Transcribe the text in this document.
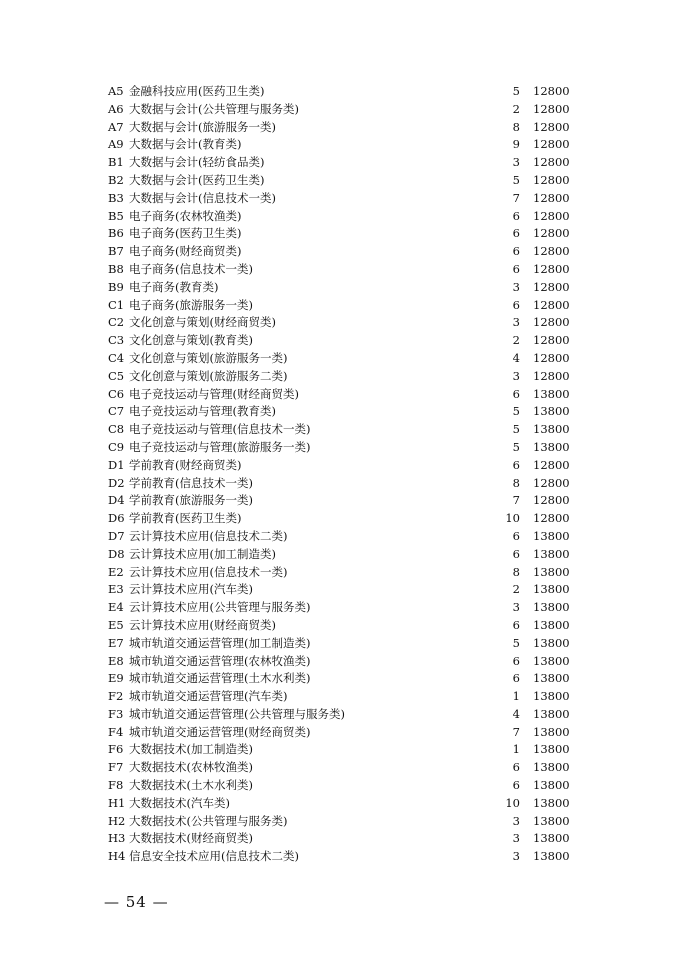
A5 金融科技应用(医药卫生类)	5 12800
A6 大数据与会计(公共管理与服务类)	2 12800
A7 大数据与会计(旅游服务一类)	8 12800
A9 大数据与会计(教育类)	9 12800
B1 大数据与会计(轻纺食品类)	3 12800
B2 大数据与会计(医药卫生类)	5 12800
B3 大数据与会计(信息技术一类)	7 12800
B5 电子商务(农林牧渔类)	6 12800
B6 电子商务(医药卫生类)	6 12800
B7 电子商务(财经商贸类)	6 12800
B8 电子商务(信息技术一类)	6 12800
B9 电子商务(教育类)	3 12800
C1 电子商务(旅游服务一类)	6 12800
C2 文化创意与策划(财经商贸类)	3 12800
C3 文化创意与策划(教育类)	2 12800
C4 文化创意与策划(旅游服务一类)	4 12800
C5 文化创意与策划(旅游服务二类)	3 12800
C6 电子竞技运动与管理(财经商贸类)	6 13800
C7 电子竞技运动与管理(教育类)	5 13800
C8 电子竞技运动与管理(信息技术一类)	5 13800
C9 电子竞技运动与管理(旅游服务一类)	5 13800
D1 学前教育(财经商贸类)	6 12800
D2 学前教育(信息技术一类)	8 12800
D4 学前教育(旅游服务一类)	7 12800
D6 学前教育(医药卫生类)	10 12800
D7 云计算技术应用(信息技术二类)	6 13800
D8 云计算技术应用(加工制造类)	6 13800
E2 云计算技术应用(信息技术一类)	8 13800
E3 云计算技术应用(汽车类)	2 13800
E4 云计算技术应用(公共管理与服务类)	3 13800
E5 云计算技术应用(财经商贸类)	6 13800
E7 城市轨道交通运营管理(加工制造类)	5 13800
E8 城市轨道交通运营管理(农林牧渔类)	6 13800
E9 城市轨道交通运营管理(土木水利类)	6 13800
F2 城市轨道交通运营管理(汽车类)	1 13800
F3 城市轨道交通运营管理(公共管理与服务类)	4 13800
F4 城市轨道交通运营管理(财经商贸类)	7 13800
F6 大数据技术(加工制造类)	1 13800
F7 大数据技术(农林牧渔类)	6 13800
F8 大数据技术(土木水利类)	6 13800
H1 大数据技术(汽车类)	10 13800
H2 大数据技术(公共管理与服务类)	3 13800
H3 大数据技术(财经商贸类)	3 13800
H4 信息安全技术应用(信息技术二类)	3 13800
— 54 —
